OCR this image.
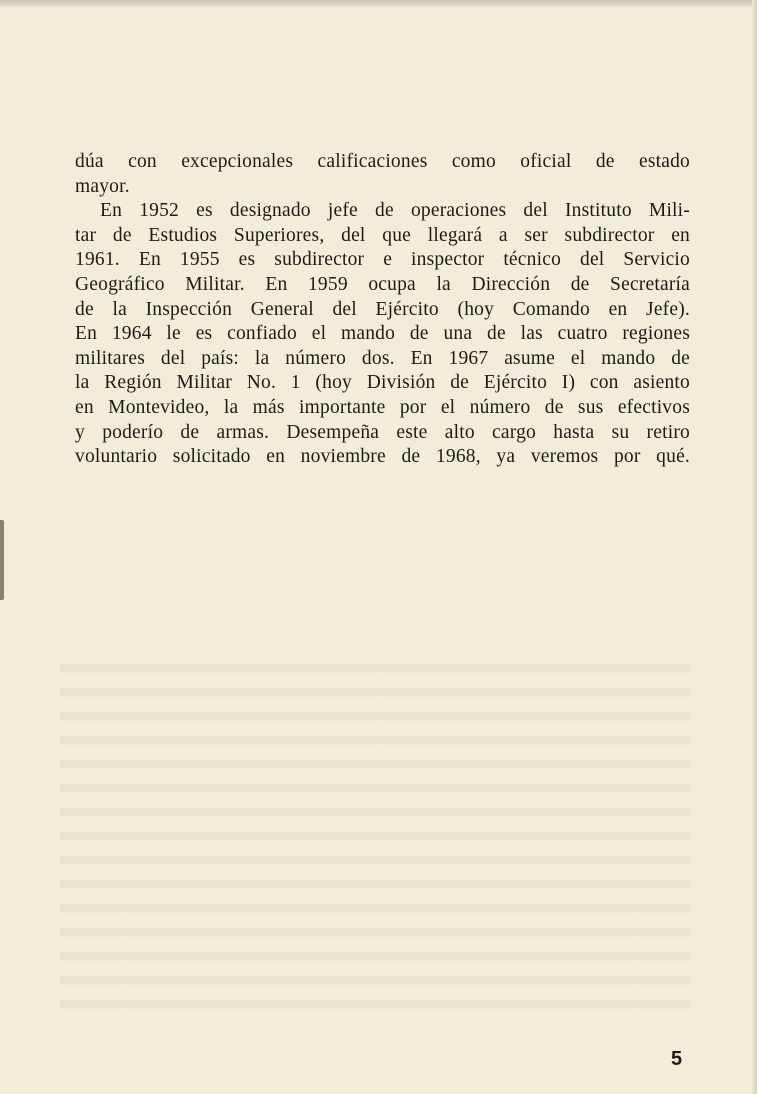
dúa con excepcionales calificaciones como oficial de estado
mayor.
En 1952 es designado jefe de operaciones del Instituto Mili-
tar de Estudios Superiores, del que llegará a ser subdirector en
1961. En 1955 es subdirector e inspector técnico del Servicio
Geográfico Militar. En 1959 ocupa la Dirección de Secretaría
de la Inspección General del Ejército (hoy Comando en Jefe).
En 1964 le es confiado el mando de una de las cuatro regiones
militares del país: la número dos. En 1967 asume el mando de
la Región Militar No. 1 (hoy División de Ejército I) con asiento
en Montevideo, la más importante por el número de sus efectivos
y poderío de armas. Desempeña este alto cargo hasta su retiro
voluntario solicitado en noviembre de 1968, ya veremos por qué.
5
